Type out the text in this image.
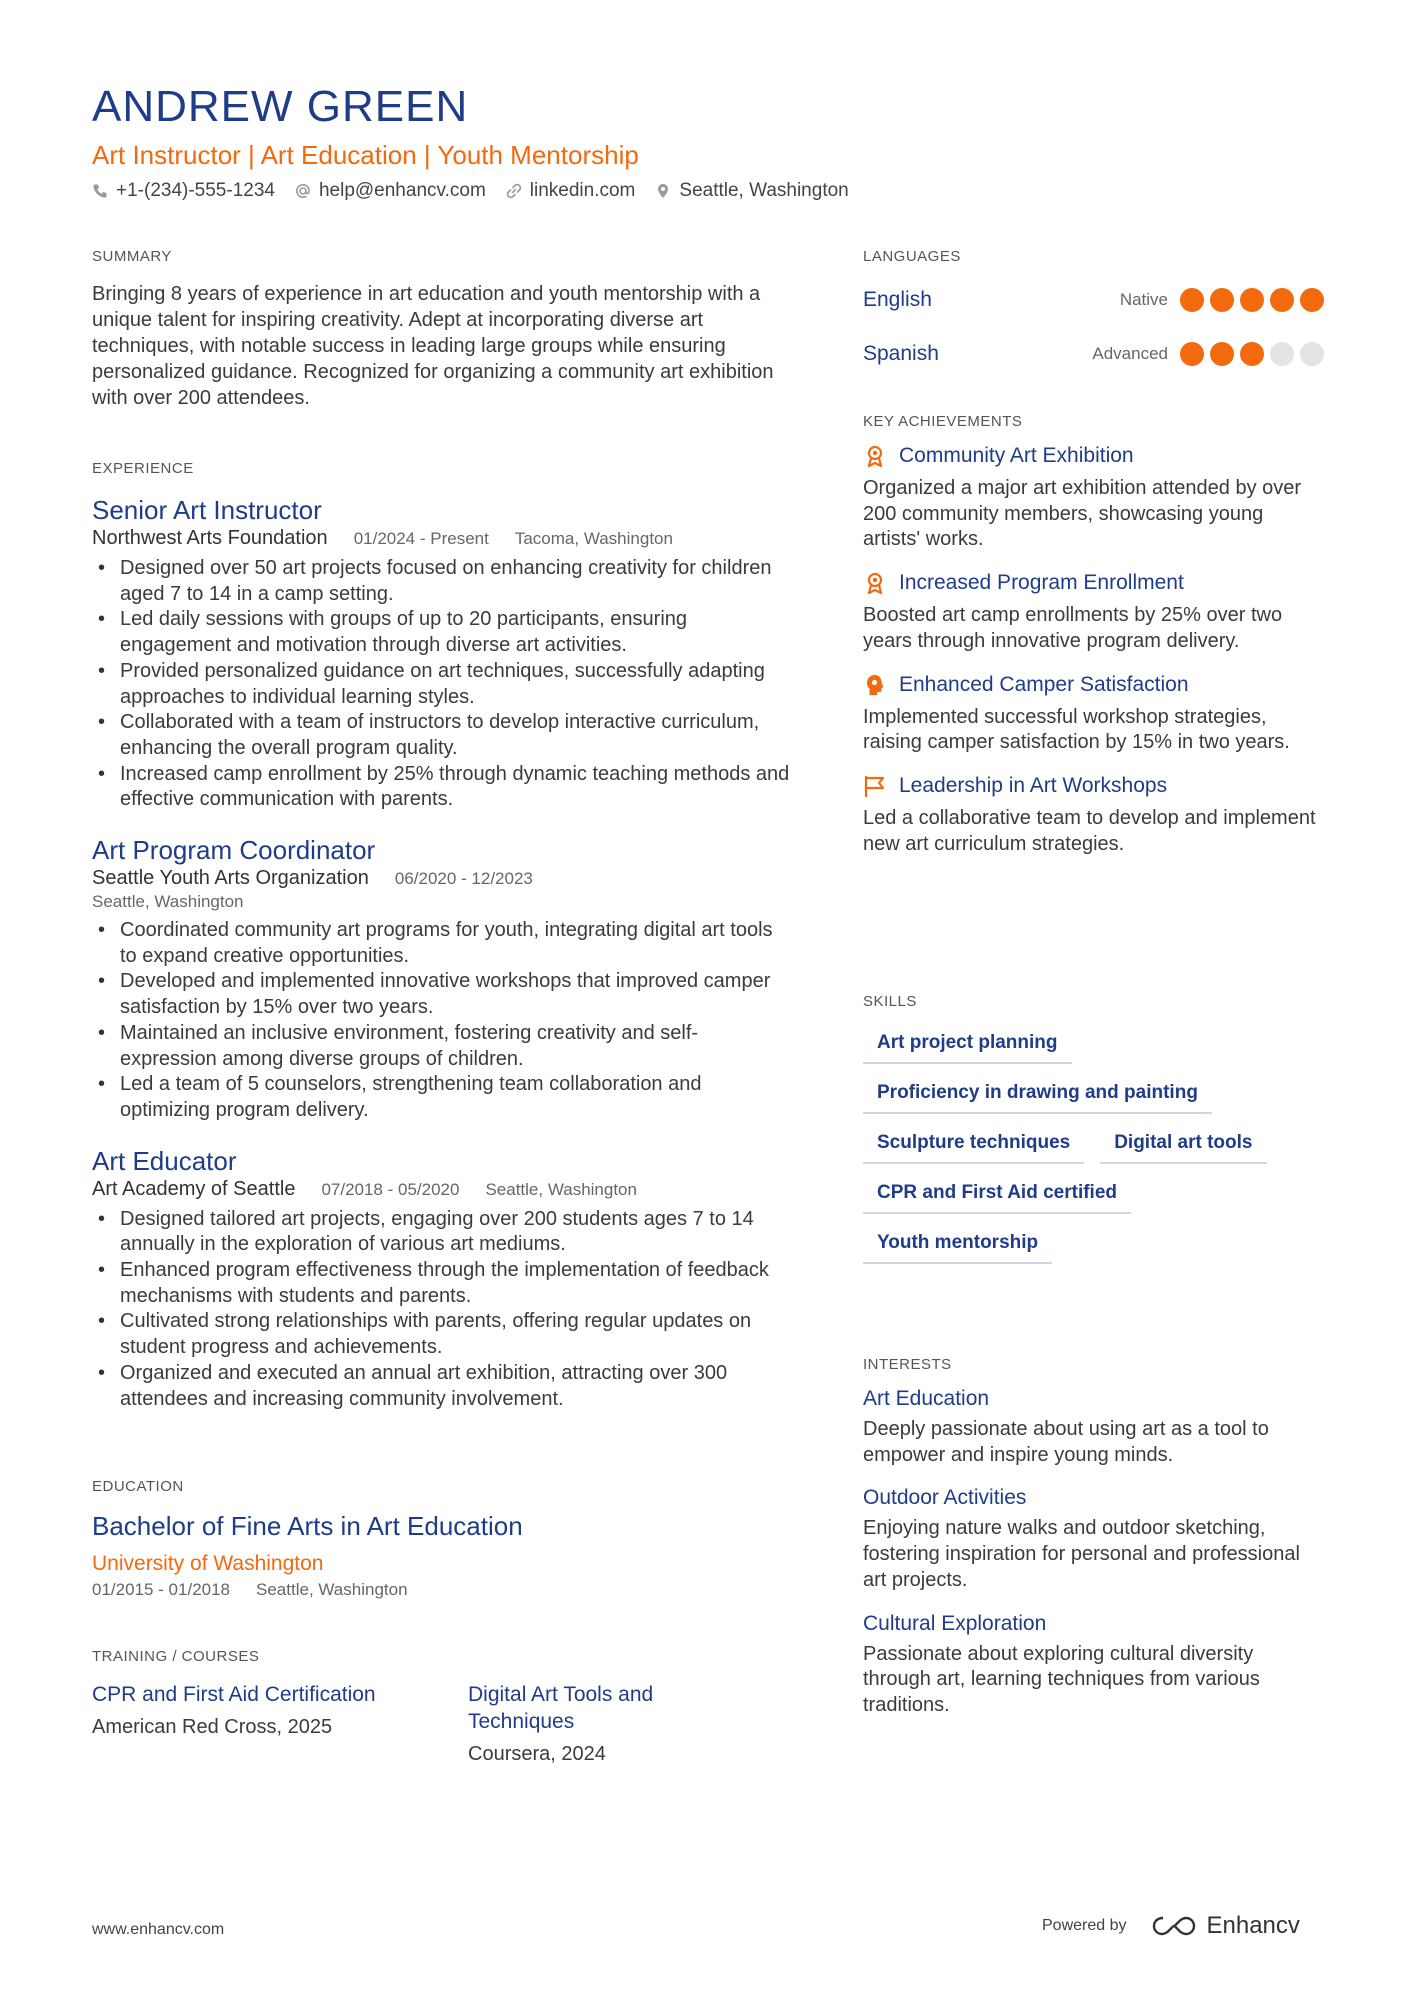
ANDREW GREEN
Art Instructor | Art Education | Youth Mentorship
+1-(234)-555-1234 help@enhancv.com linkedin.com Seattle, Washington
SUMMARY
Bringing 8 years of experience in art education and youth mentorship with a unique talent for inspiring creativity. Adept at incorporating diverse art techniques, with notable success in leading large groups while ensuring personalized guidance. Recognized for organizing a community art exhibition with over 200 attendees.
EXPERIENCE
Senior Art Instructor
Northwest Arts Foundation 01/2024 - Present Tacoma, Washington
• Designed over 50 art projects focused on enhancing creativity for children aged 7 to 14 in a camp setting.
• Led daily sessions with groups of up to 20 participants, ensuring engagement and motivation through diverse art activities.
• Provided personalized guidance on art techniques, successfully adapting approaches to individual learning styles.
• Collaborated with a team of instructors to develop interactive curriculum, enhancing the overall program quality.
• Increased camp enrollment by 25% through dynamic teaching methods and effective communication with parents.
Art Program Coordinator
Seattle Youth Arts Organization 06/2020 - 12/2023
Seattle, Washington
• Coordinated community art programs for youth, integrating digital art tools to expand creative opportunities.
• Developed and implemented innovative workshops that improved camper satisfaction by 15% over two years.
• Maintained an inclusive environment, fostering creativity and self-expression among diverse groups of children.
• Led a team of 5 counselors, strengthening team collaboration and optimizing program delivery.
Art Educator
Art Academy of Seattle 07/2018 - 05/2020 Seattle, Washington
• Designed tailored art projects, engaging over 200 students ages 7 to 14 annually in the exploration of various art mediums.
• Enhanced program effectiveness through the implementation of feedback mechanisms with students and parents.
• Cultivated strong relationships with parents, offering regular updates on student progress and achievements.
• Organized and executed an annual art exhibition, attracting over 300 attendees and increasing community involvement.
EDUCATION
Bachelor of Fine Arts in Art Education
University of Washington
01/2015 - 01/2018 Seattle, Washington
TRAINING / COURSES
CPR and First Aid Certification
American Red Cross, 2025
Digital Art Tools and Techniques
Coursera, 2024
LANGUAGES
English	Native
Spanish	Advanced
KEY ACHIEVEMENTS
Community Art Exhibition
Organized a major art exhibition attended by over 200 community members, showcasing young artists' works.
Increased Program Enrollment
Boosted art camp enrollments by 25% over two years through innovative program delivery.
Enhanced Camper Satisfaction
Implemented successful workshop strategies, raising camper satisfaction by 15% in two years.
Leadership in Art Workshops
Led a collaborative team to develop and implement new art curriculum strategies.
SKILLS
Art project planning
Proficiency in drawing and painting
Sculpture techniques	Digital art tools
CPR and First Aid certified
Youth mentorship
INTERESTS
Art Education
Deeply passionate about using art as a tool to empower and inspire young minds.
Outdoor Activities
Enjoying nature walks and outdoor sketching, fostering inspiration for personal and professional art projects.
Cultural Exploration
Passionate about exploring cultural diversity through art, learning techniques from various traditions.
www.enhancv.com	Powered by	Enhancv
